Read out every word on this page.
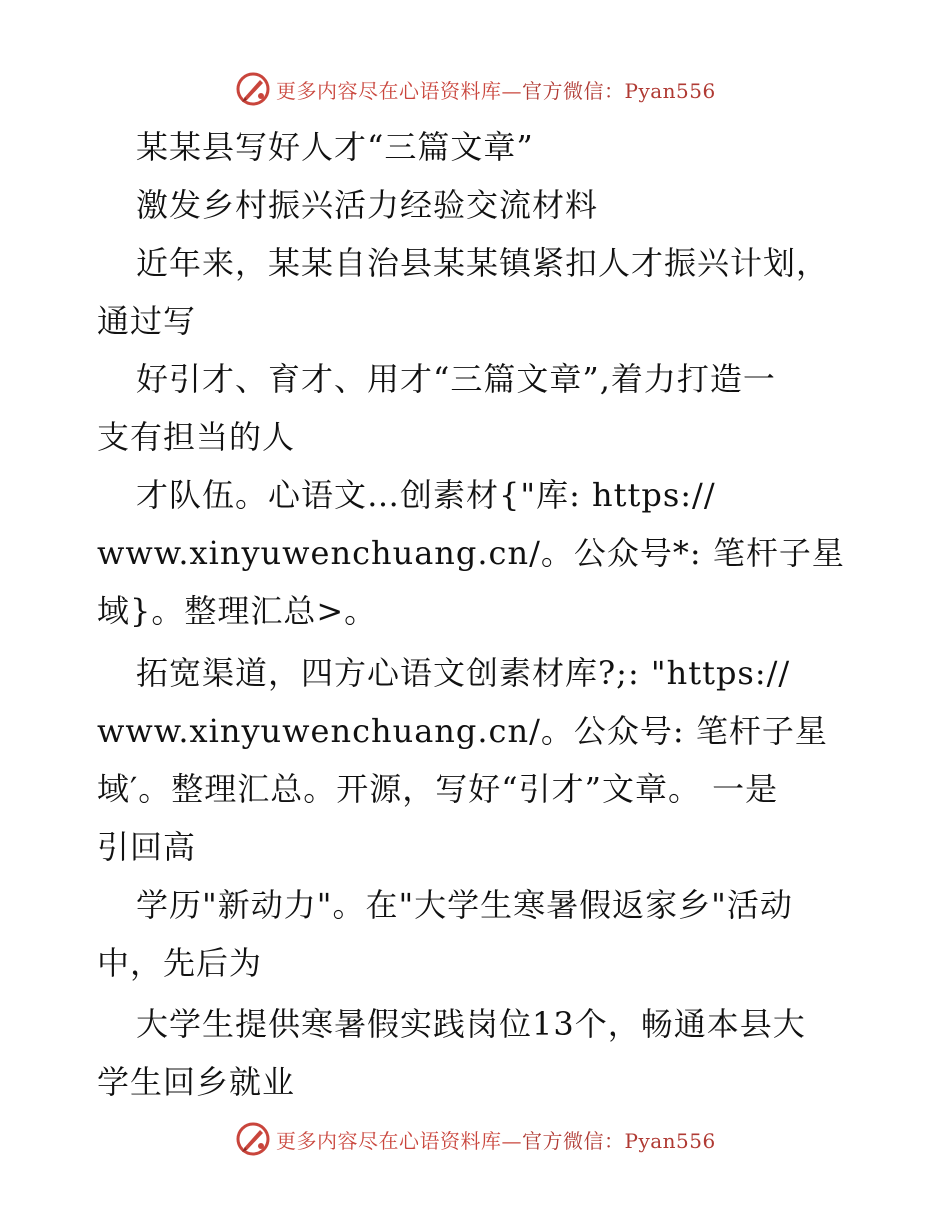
更多内容尽在心语资料库—官方微信：Pyan556
某某县写好人才“三篇文章”
激发乡村振兴活力经验交流材料
近年来，某某自治县某某镇紧扣人才振兴计划，
通过写
好引才、育才、用才“三篇文章”,着力打造一
支有担当的人
才队伍。心语文…创素材{"库: https://
www.xinyuwenchuang.cn/。公众号*: 笔杆子星
域}。整理汇总>。
拓宽渠道，四方心语文创素材库?;: "https://
www.xinyuwenchuang.cn/。公众号: 笔杆子星
域′。整理汇总。开源，写好“引才”文章。 一是
引回高
学历"新动力"。在"大学生寒暑假返家乡"活动
中，先后为
大学生提供寒暑假实践岗位13个，畅通本县大
学生回乡就业
更多内容尽在心语资料库—官方微信：Pyan556
